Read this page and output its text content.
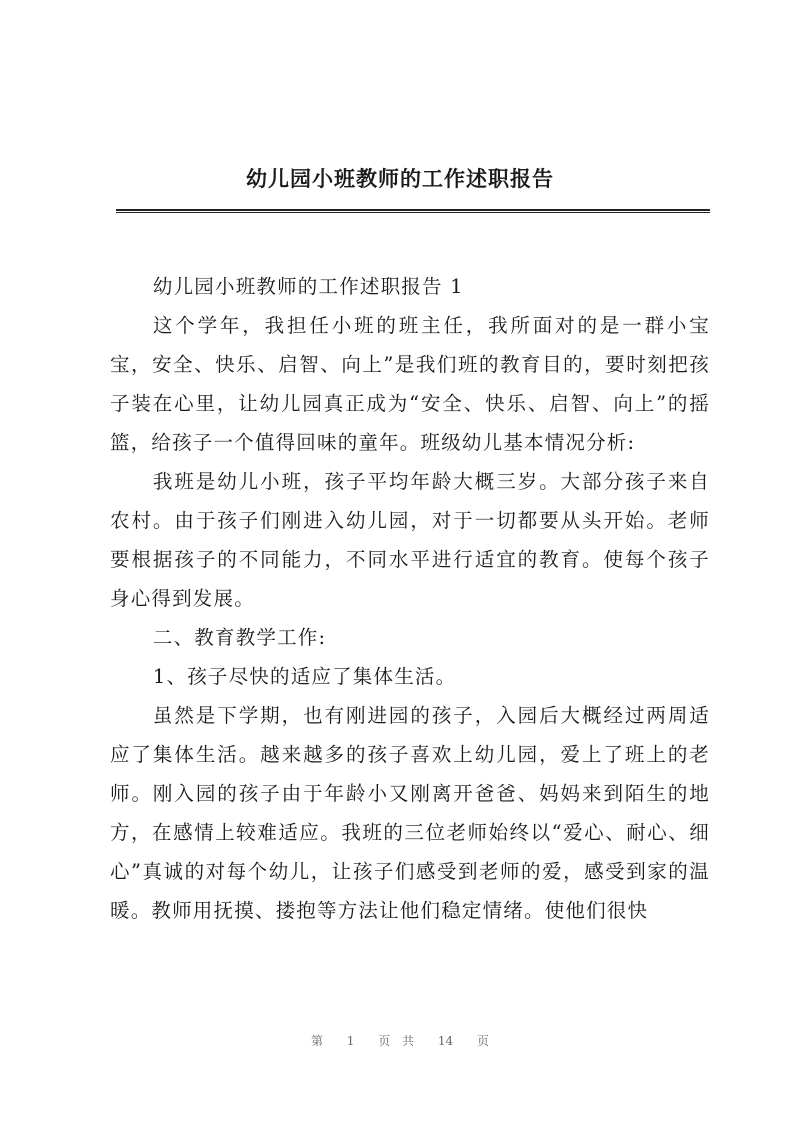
幼儿园小班教师的工作述职报告

幼儿园小班教师的工作述职报告 1

这个学年，我担任小班的班主任，我所面对的是一群小宝宝，安全、快乐、启智、向上”是我们班的教育目的，要时刻把孩子装在心里，让幼儿园真正成为“安全、快乐、启智、向上”的摇篮，给孩子一个值得回味的童年。班级幼儿基本情况分析:

我班是幼儿小班，孩子平均年龄大概三岁。大部分孩子来自农村。由于孩子们刚进入幼儿园，对于一切都要从头开始。老师要根据孩子的不同能力，不同水平进行适宜的教育。使每个孩子身心得到发展。

二、教育教学工作:

1、孩子尽快的适应了集体生活。

虽然是下学期，也有刚进园的孩子，入园后大概经过两周适应了集体生活。越来越多的孩子喜欢上幼儿园，爱上了班上的老师。刚入园的孩子由于年龄小又刚离开爸爸、妈妈来到陌生的地方，在感情上较难适应。我班的三位老师始终以“爱心、耐心、细心”真诚的对每个幼儿，让孩子们感受到老师的爱，感受到家的温暖。教师用抚摸、搂抱等方法让他们稳定情绪。使他们很快

第 1 页 共 14 页
